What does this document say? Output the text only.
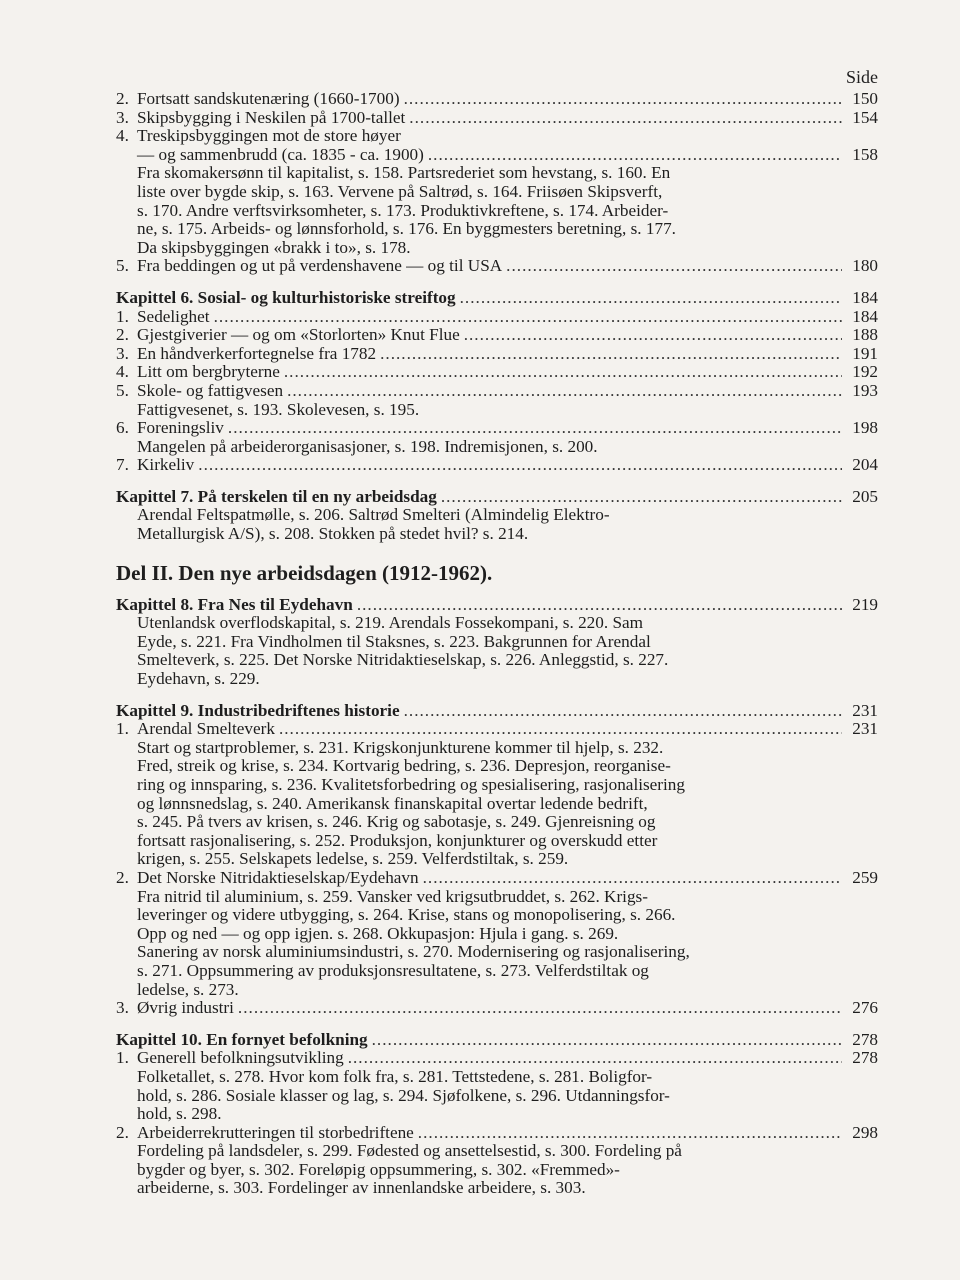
Side
2. Fortsatt sandskutenæring (1660-1700) .....	150
3. Skipsbygging i Neskilen på 1700-tallet .....	154
4. Treskipsbyggingen mot de store høyer
— og sammenbrudd (ca. 1835 - ca. 1900) .....	158
Fra skomakersønn til kapitalist, s. 158. Partsrederiet som hevstang, s. 160. En
liste over bygde skip, s. 163. Vervene på Saltrød, s. 164. Friisøen Skipsverft,
s. 170. Andre verftsvirksomheter, s. 173. Produktivkreftene, s. 174. Arbeider-
ne, s. 175. Arbeids- og lønnsforhold, s. 176. En byggmesters beretning, s. 177.
Da skipsbyggingen «brakk i to», s. 178.
5. Fra beddingen og ut på verdenshavene — og til USA .....	180
Kapittel 6. Sosial- og kulturhistoriske streiftog .....	184
1. Sedelighet .....	184
2. Gjestgiverier — og om «Storlorten» Knut Flue .....	188
3. En håndverkerfortegnelse fra 1782 .....	191
4. Litt om bergbryterne .....	192
5. Skole- og fattigvesen .....	193
Fattigvesenet, s. 193. Skolevesen, s. 195.
6. Foreningsliv .....	198
Mangelen på arbeiderorganisasjoner, s. 198. Indremisjonen, s. 200.
7. Kirkeliv .....	204
Kapittel 7. På terskelen til en ny arbeidsdag .....	205
Arendal Feltspatmølle, s. 206. Saltrød Smelteri (Almindelig Elektro-
Metallurgisk A/S), s. 208. Stokken på stedet hvil? s. 214.
Del II. Den nye arbeidsdagen (1912-1962).
Kapittel 8. Fra Nes til Eydehavn .....	219
Utenlandsk overflodskapital, s. 219. Arendals Fossekompani, s. 220. Sam
Eyde, s. 221. Fra Vindholmen til Staksnes, s. 223. Bakgrunnen for Arendal
Smelteverk, s. 225. Det Norske Nitridaktieselskap, s. 226. Anleggstid, s. 227.
Eydehavn, s. 229.
Kapittel 9. Industribedriftenes historie .....	231
1. Arendal Smelteverk .....	231
Start og startproblemer, s. 231. Krigskonjunkturene kommer til hjelp, s. 232.
Fred, streik og krise, s. 234. Kortvarig bedring, s. 236. Depresjon, reorganise-
ring og innsparing, s. 236. Kvalitetsforbedring og spesialisering, rasjonalisering
og lønnsnedslag, s. 240. Amerikansk finanskapital overtar ledende bedrift,
s. 245. På tvers av krisen, s. 246. Krig og sabotasje, s. 249. Gjenreisning og
fortsatt rasjonalisering, s. 252. Produksjon, konjunkturer og overskudd etter
krigen, s. 255. Selskapets ledelse, s. 259. Velferdstiltak, s. 259.
2. Det Norske Nitridaktieselskap/Eydehavn .....	259
Fra nitrid til aluminium, s. 259. Vansker ved krigsutbruddet, s. 262. Krigs-
leveringer og videre utbygging, s. 264. Krise, stans og monopolisering, s. 266.
Opp og ned — og opp igjen. s. 268. Okkupasjon: Hjula i gang. s. 269.
Sanering av norsk aluminiumsindustri, s. 270. Modernisering og rasjonalisering,
s. 271. Oppsummering av produksjonsresultatene, s. 273. Velferdstiltak og
ledelse, s. 273.
3. Øvrig industri .....	276
Kapittel 10. En fornyet befolkning .....	278
1. Generell befolkningsutvikling .....	278
Folketallet, s. 278. Hvor kom folk fra, s. 281. Tettstedene, s. 281. Boligfor-
hold, s. 286. Sosiale klasser og lag, s. 294. Sjøfolkene, s. 296. Utdanningsfor-
hold, s. 298.
2. Arbeiderrekrutteringen til storbedriftene .....	298
Fordeling på landsdeler, s. 299. Fødested og ansettelsestid, s. 300. Fordeling på
bygder og byer, s. 302. Foreløpig oppsummering, s. 302. «Fremmed»-
arbeiderne, s. 303. Fordelinger av innenlandske arbeidere, s. 303.
